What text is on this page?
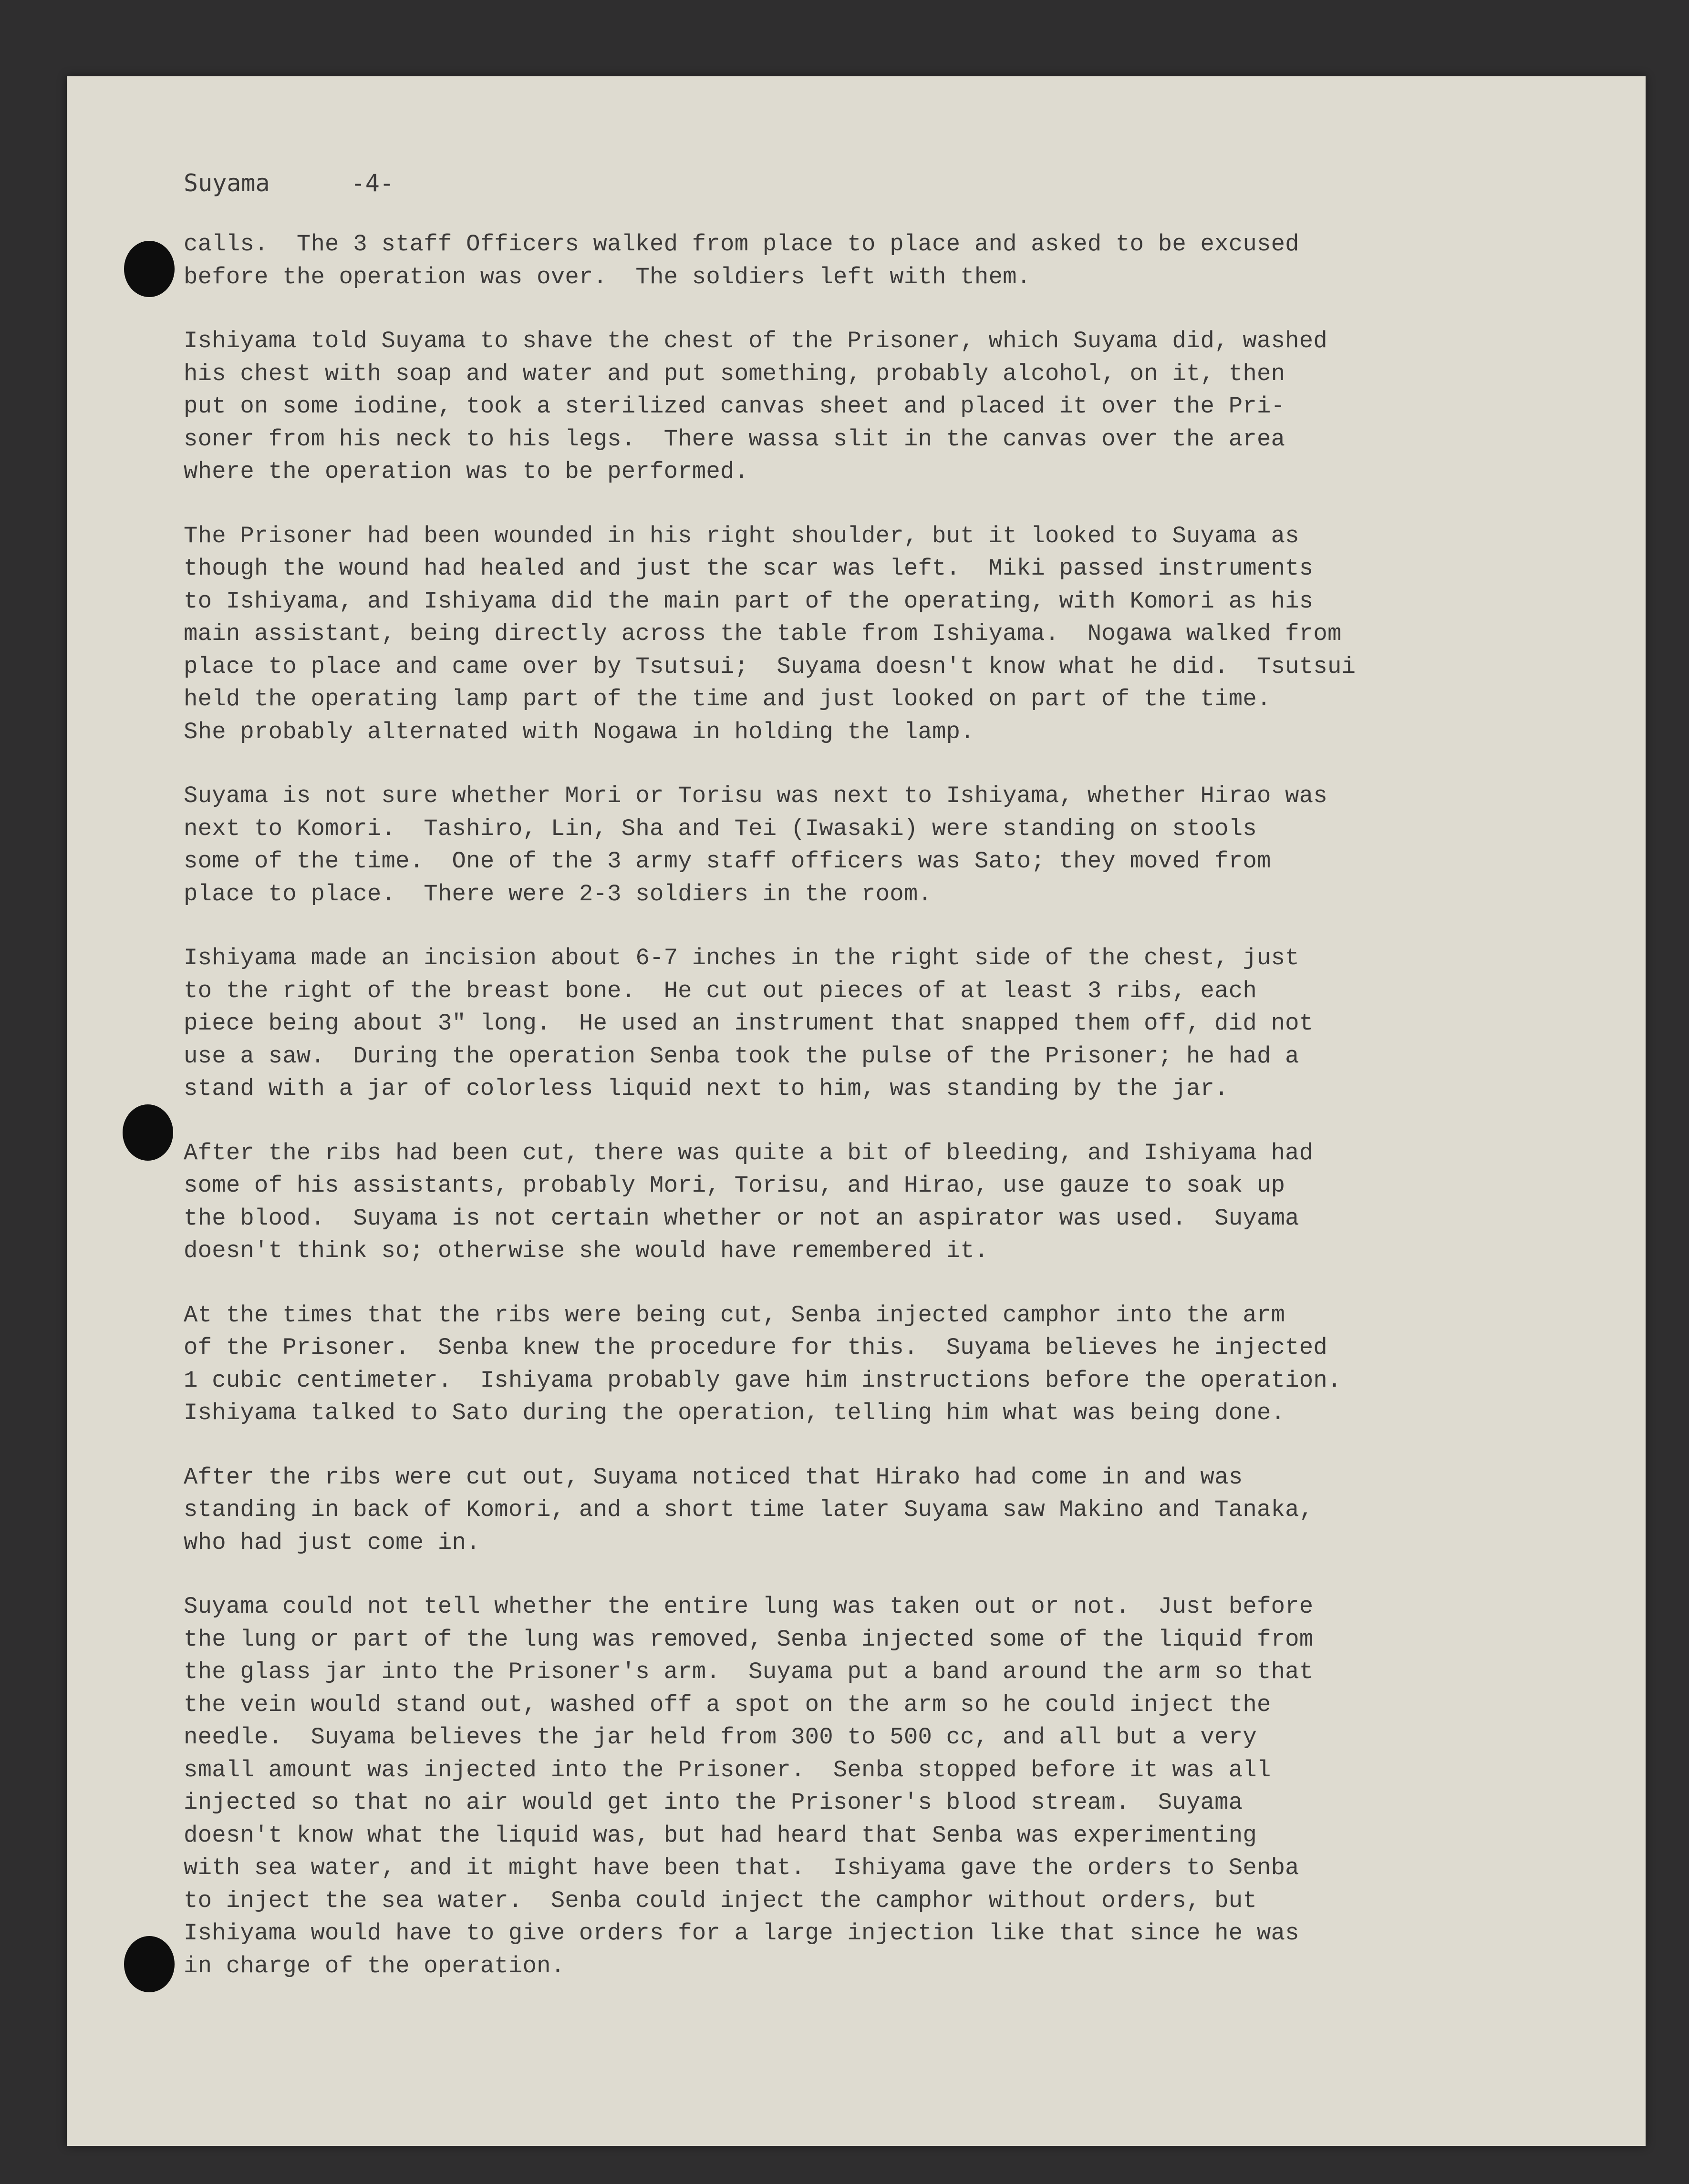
Suyama	-4-

calls.  The 3 staff Officers walked from place to place and asked to be excused
before the operation was over.  The soldiers left with them.

Ishiyama told Suyama to shave the chest of the Prisoner, which Suyama did, washed
his chest with soap and water and put something, probably alcohol, on it, then
put on some iodine, took a sterilized canvas sheet and placed it over the Pri-
soner from his neck to his legs.  There wassa slit in the canvas over the area
where the operation was to be performed.

The Prisoner had been wounded in his right shoulder, but it looked to Suyama as
though the wound had healed and just the scar was left.  Miki passed instruments
to Ishiyama, and Ishiyama did the main part of the operating, with Komori as his
main assistant, being directly across the table from Ishiyama.  Nogawa walked from
place to place and came over by Tsutsui;  Suyama doesn't know what he did.  Tsutsui
held the operating lamp part of the time and just looked on part of the time.
She probably alternated with Nogawa in holding the lamp.

Suyama is not sure whether Mori or Torisu was next to Ishiyama, whether Hirao was
next to Komori.  Tashiro, Lin, Sha and Tei (Iwasaki) were standing on stools
some of the time.  One of the 3 army staff officers was Sato; they moved from
place to place.  There were 2-3 soldiers in the room.

Ishiyama made an incision about 6-7 inches in the right side of the chest, just
to the right of the breast bone.  He cut out pieces of at least 3 ribs, each
piece being about 3" long.  He used an instrument that snapped them off, did not
use a saw.  During the operation Senba took the pulse of the Prisoner; he had a
stand with a jar of colorless liquid next to him, was standing by the jar.

After the ribs had been cut, there was quite a bit of bleeding, and Ishiyama had
some of his assistants, probably Mori, Torisu, and Hirao, use gauze to soak up
the blood.  Suyama is not certain whether or not an aspirator was used.  Suyama
doesn't think so; otherwise she would have remembered it.

At the times that the ribs were being cut, Senba injected camphor into the arm
of the Prisoner.  Senba knew the procedure for this.  Suyama believes he injected
1 cubic centimeter.  Ishiyama probably gave him instructions before the operation.
Ishiyama talked to Sato during the operation, telling him what was being done.

After the ribs were cut out, Suyama noticed that Hirako had come in and was
standing in back of Komori, and a short time later Suyama saw Makino and Tanaka,
who had just come in.

Suyama could not tell whether the entire lung was taken out or not.  Just before
the lung or part of the lung was removed, Senba injected some of the liquid from
the glass jar into the Prisoner's arm.  Suyama put a band around the arm so that
the vein would stand out, washed off a spot on the arm so he could inject the
needle.  Suyama believes the jar held from 300 to 500 cc, and all but a very
small amount was injected into the Prisoner.  Senba stopped before it was all
injected so that no air would get into the Prisoner's blood stream.  Suyama
doesn't know what the liquid was, but had heard that Senba was experimenting
with sea water, and it might have been that.  Ishiyama gave the orders to Senba
to inject the sea water.  Senba could inject the camphor without orders, but
Ishiyama would have to give orders for a large injection like that since he was
in charge of the operation.
